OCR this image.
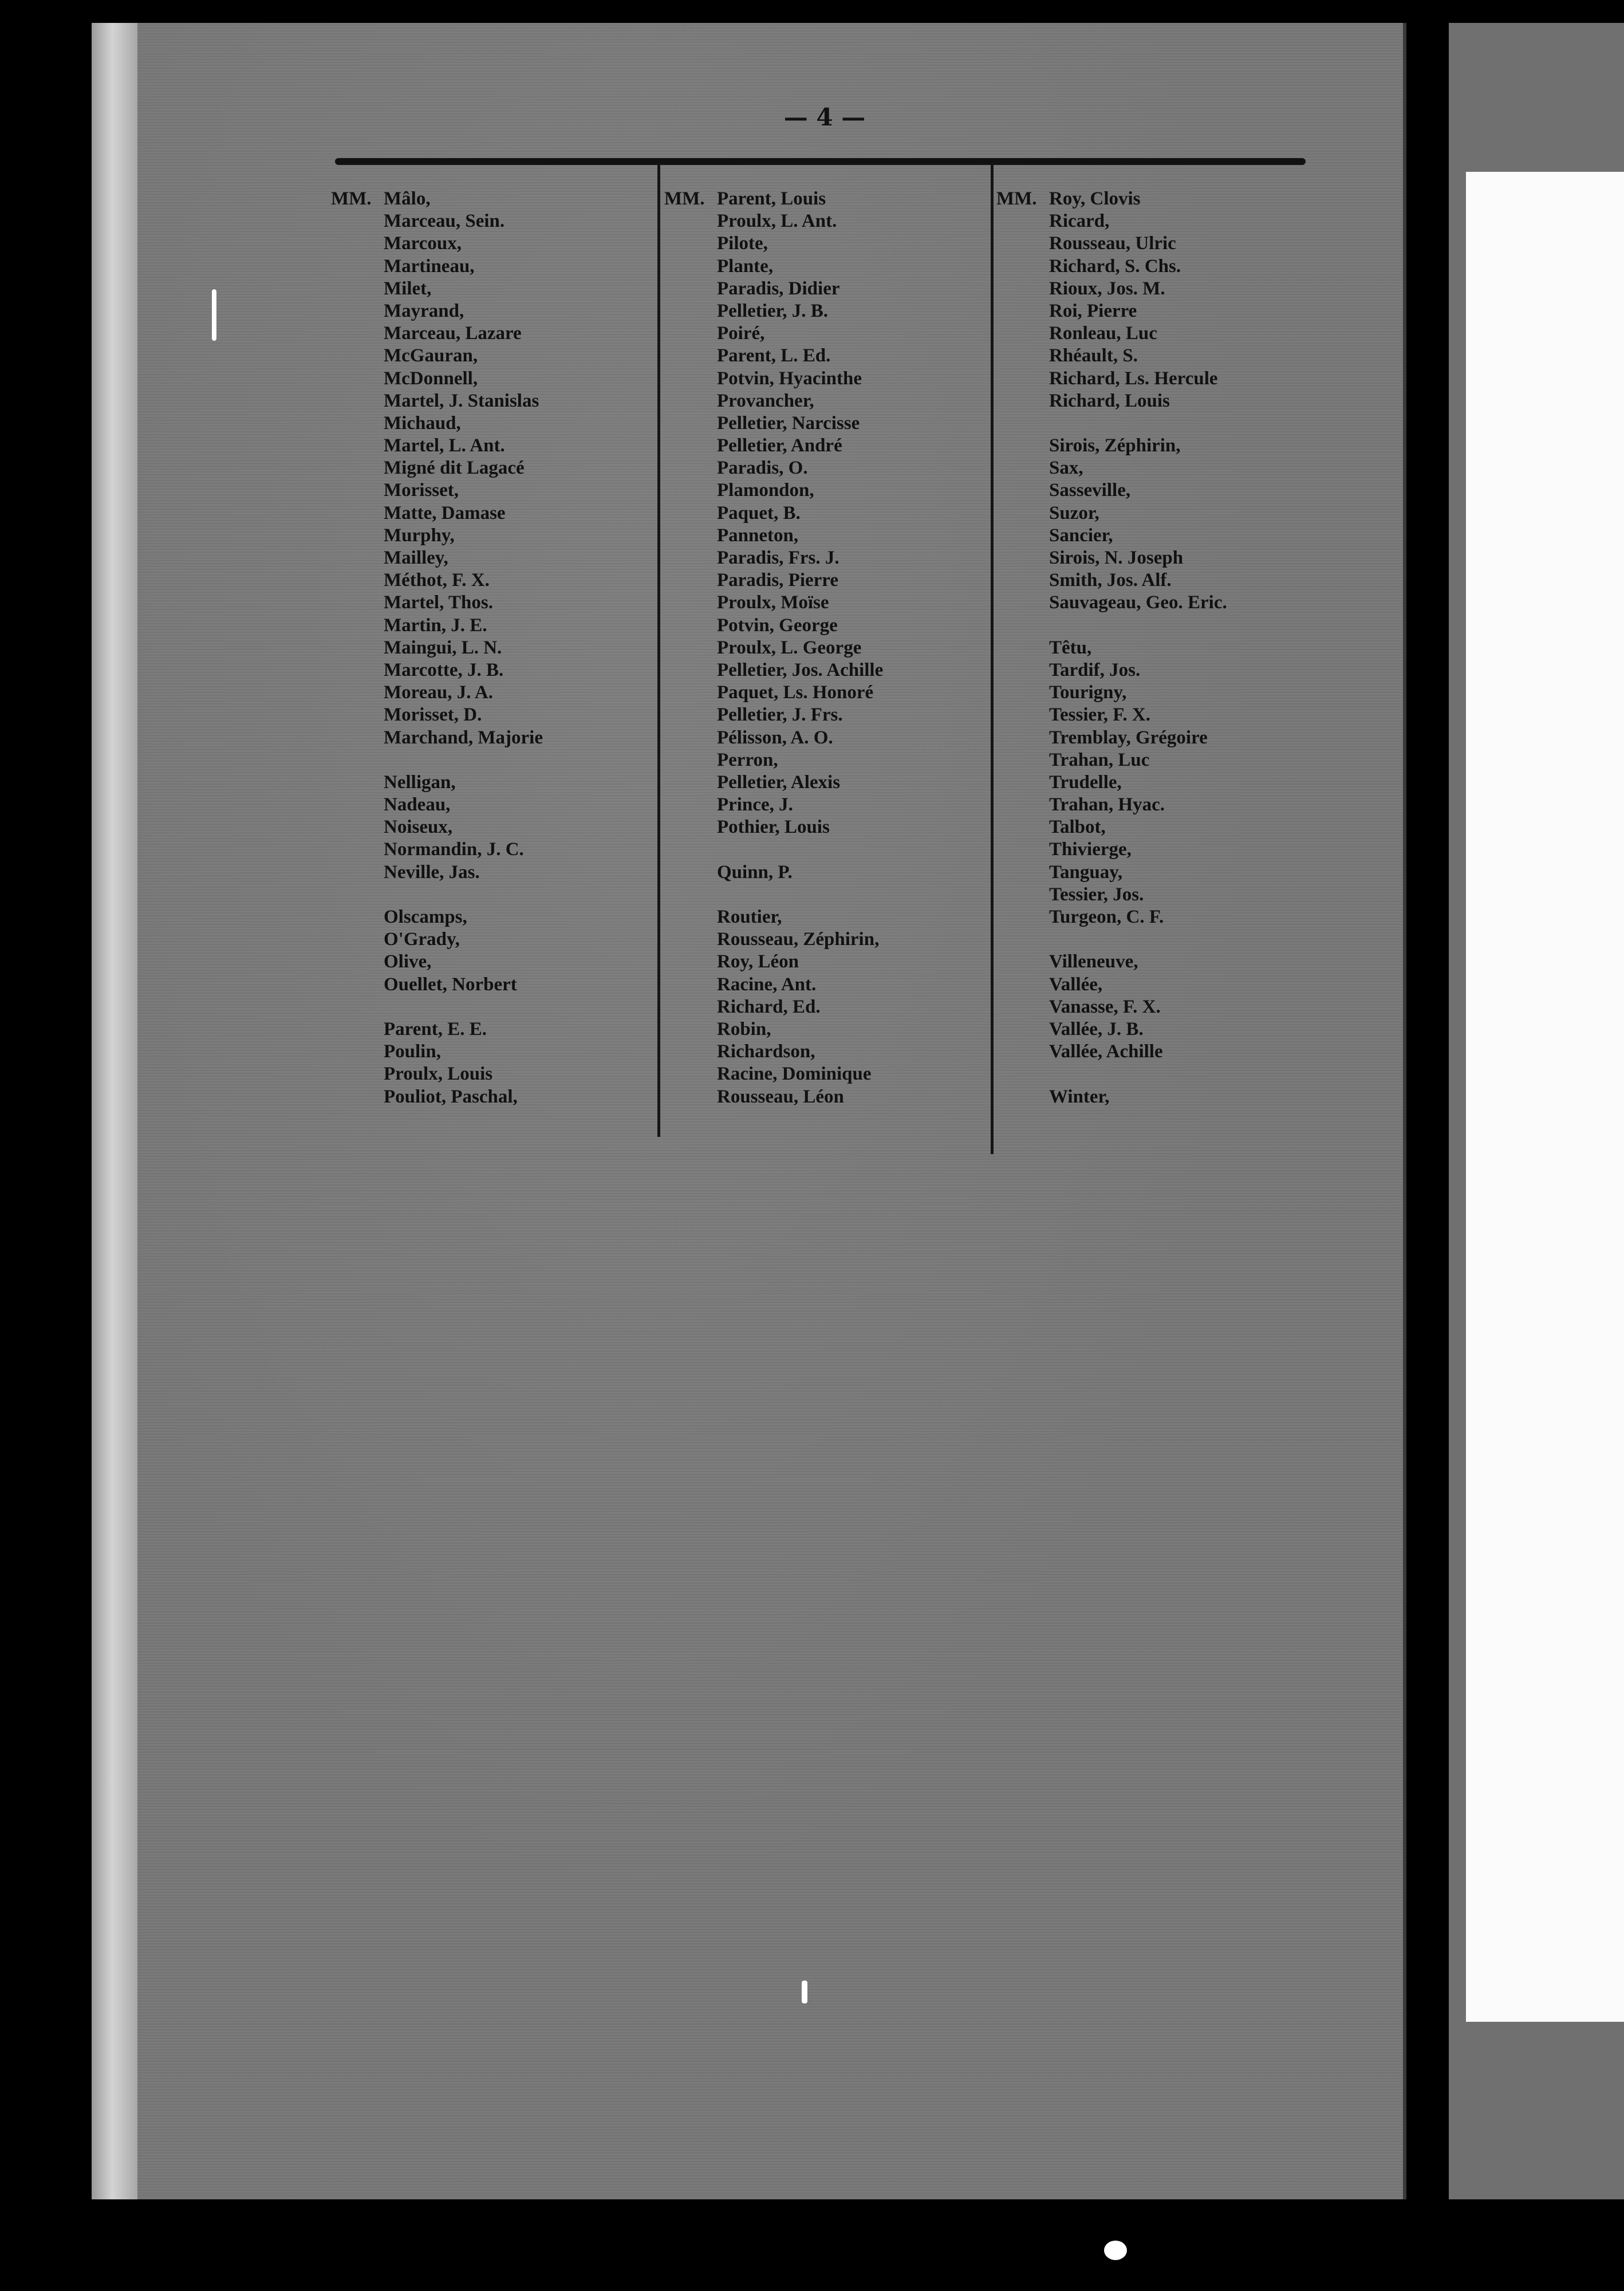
— 4 —
MM. Mâlo,
Marceau, Sein.
Marcoux,
Martineau,
Milet,
Mayrand,
Marceau, Lazare
McGauran,
McDonnell,
Martel, J. Stanislas
Michaud,
Martel, L. Ant.
Migné dit Lagacé
Morisset,
Matte, Damase
Murphy,
Mailley,
Méthot, F. X.
Martel, Thos.
Martin, J. E.
Maingui, L. N.
Marcotte, J. B.
Moreau, J. A.
Morisset, D.
Marchand, Majorie
Nelligan,
Nadeau,
Noiseux,
Normandin, J. C.
Neville, Jas.
Olscamps,
O'Grady,
Olive,
Ouellet, Norbert
Parent, E. E.
Poulin,
Proulx, Louis
Pouliot, Paschal,
MM. Parent, Louis
Proulx, L. Ant.
Pilote,
Plante,
Paradis, Didier
Pelletier, J. B.
Poiré,
Parent, L. Ed.
Potvin, Hyacinthe
Provancher,
Pelletier, Narcisse
Pelletier, André
Paradis, O.
Plamondon,
Paquet, B.
Panneton,
Paradis, Frs. J.
Paradis, Pierre
Proulx, Moïse
Potvin, George
Proulx, L. George
Pelletier, Jos. Achille
Paquet, Ls. Honoré
Pelletier, J. Frs.
Pélisson, A. O.
Perron,
Pelletier, Alexis
Prince, J.
Pothier, Louis
Quinn, P.
Routier,
Rousseau, Zéphirin,
Roy, Léon
Racine, Ant.
Richard, Ed.
Robin,
Richardson,
Racine, Dominique
Rousseau, Léon
MM. Roy, Clovis
Ricard,
Rousseau, Ulric
Richard, S. Chs.
Rioux, Jos. M.
Roi, Pierre
Ronleau, Luc
Rhéault, S.
Richard, Ls. Hercule
Richard, Louis
Sirois, Zéphirin,
Sax,
Sasseville,
Suzor,
Sancier,
Sirois, N. Joseph
Smith, Jos. Alf.
Sauvageau, Geo. Eric.
Têtu,
Tardif, Jos.
Tourigny,
Tessier, F. X.
Tremblay, Grégoire
Trahan, Luc
Trudelle,
Trahan, Hyac.
Talbot,
Thivierge,
Tanguay,
Tessier, Jos.
Turgeon, C. F.
Villeneuve,
Vallée,
Vanasse, F. X.
Vallée, J. B.
Vallée, Achille
Winter,
